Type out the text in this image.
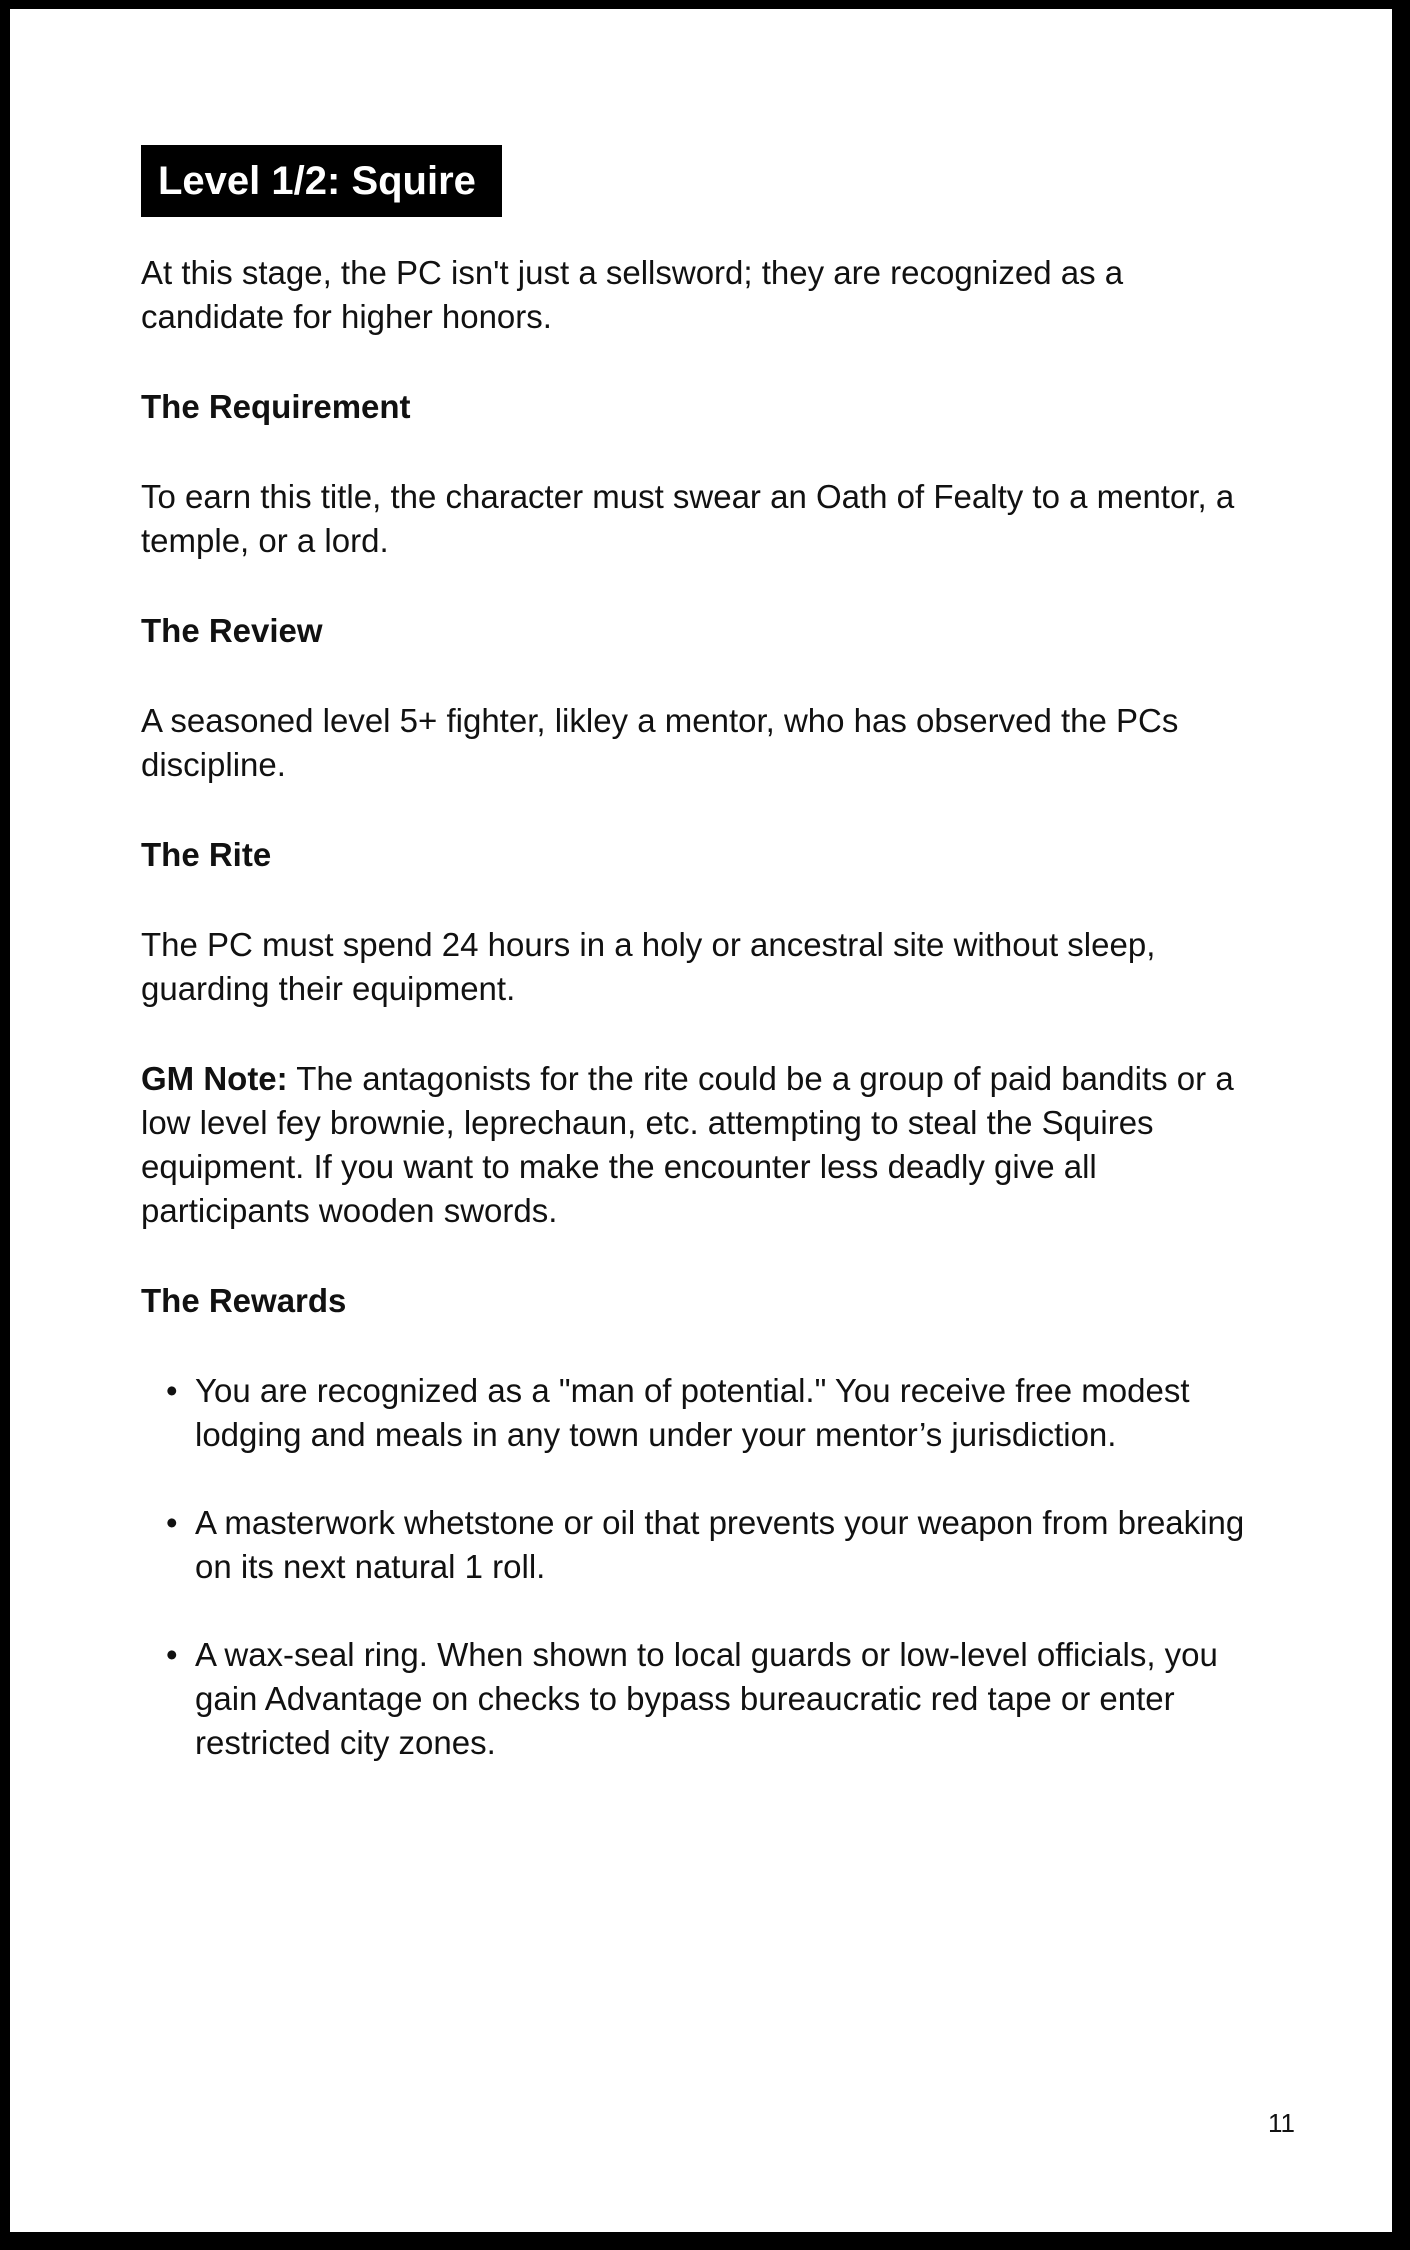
Level 1/2: Squire

At this stage, the PC isn't just a sellsword; they are recognized as a candidate for higher honors.

The Requirement

To earn this title, the character must swear an Oath of Fealty to a mentor, a temple, or a lord.

The Review

A seasoned level 5+ fighter, likley a mentor, who has observed the PCs discipline.

The Rite

The PC must spend 24 hours in a holy or ancestral site without sleep, guarding their equipment.

GM Note: The antagonists for the rite could be a group of paid bandits or a low level fey brownie, leprechaun, etc. attempting to steal the Squires equipment. If you want to make the encounter less deadly give all participants wooden swords.

The Rewards
• You are recognized as a "man of potential." You receive free modest lodging and meals in any town under your mentor’s jurisdiction.
• A masterwork whetstone or oil that prevents your weapon from breaking on its next natural 1 roll.
• A wax-seal ring. When shown to local guards or low-level officials, you gain Advantage on checks to bypass bureaucratic red tape or enter restricted city zones.
11
